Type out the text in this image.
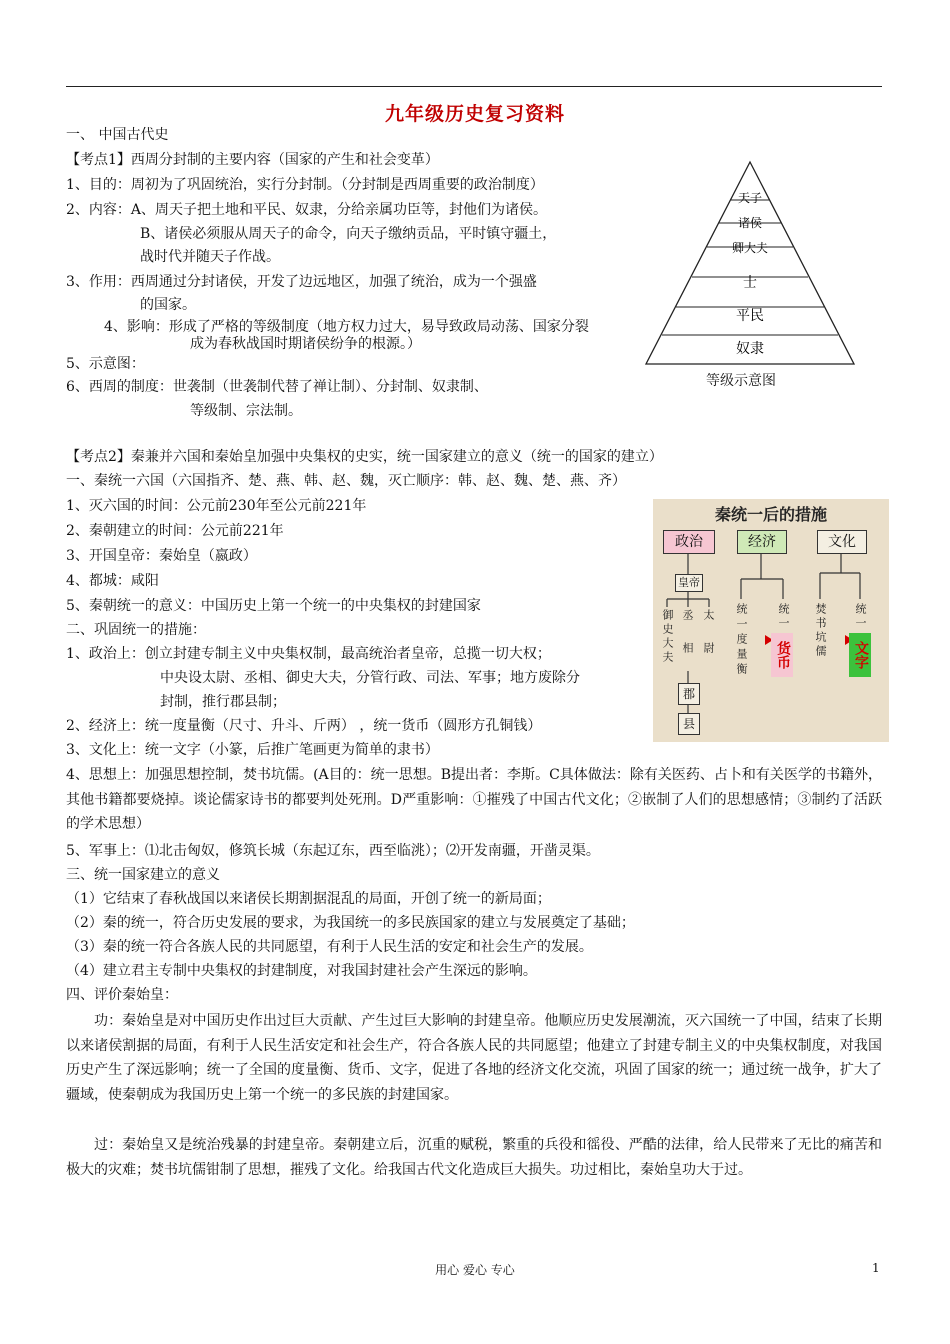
九年级历史复习资料
一、 中国古代史
【考点1】西周分封制的主要内容（国家的产生和社会变革）
1、目的：周初为了巩固统治，实行分封制。（分封制是西周重要的政治制度）
2、内容：A、周天子把土地和平民、奴隶，分给亲属功臣等，封他们为诸侯。
B、诸侯必须服从周天子的命令，向天子缴纳贡品，平时镇守疆土，
战时代并随天子作战。
3、作用：西周通过分封诸侯，开发了边远地区，加强了统治，成为一个强盛
的国家。
4、影响：形成了严格的等级制度（地方权力过大，易导致政局动荡、国家分裂
成为春秋战国时期诸侯纷争的根源。）
5、示意图：
6、西周的制度：世袭制（世袭制代替了禅让制）、分封制、奴隶制、
等级制、宗法制。
天子
诸侯
卿大夫
士
平民
奴隶
等级示意图
【考点2】秦兼并六国和秦始皇加强中央集权的史实，统一国家建立的意义（统一的国家的建立）
一、秦统一六国（六国指齐、楚、燕、韩、赵、魏，灭亡顺序：韩、赵、魏、楚、燕、齐）
1、灭六国的时间：公元前230年至公元前221年
2、秦朝建立的时间：公元前221年
3、开国皇帝：秦始皇（嬴政）
4、都城：咸阳
5、秦朝统一的意义：中国历史上第一个统一的中央集权的封建国家
二、巩固统一的措施：
1、政治上：创立封建专制主义中央集权制，最高统治者皇帝，总揽一切大权；
中央设太尉、丞相、御史大夫，分管行政、司法、军事；地方废除分
封制，推行郡县制；
2、经济上：统一度量衡（尺寸、升斗、斤两） ，统一货币（圆形方孔铜钱）
3、文化上：统一文字（小篆，后推广笔画更为简单的隶书）
4、思想上：加强思想控制，焚书坑儒。(A目的：统一思想。B提出者：李斯。C具体做法：除有关医药、占卜和有关医学的书籍外，其他书籍都要烧掉。谈论儒家诗书的都要判处死刑。D严重影响：①摧残了中国古代文化；②嵌制了人们的思想感情；③制约了活跃的学术思想）
5、军事上：⑴北击匈奴，修筑长城（东起辽东，西至临洮）；⑵开发南疆，开凿灵渠。
三、统一国家建立的意义
（1）它结束了春秋战国以来诸侯长期割据混乱的局面，开创了统一的新局面；
（2）秦的统一，符合历史发展的要求，为我国统一的多民族国家的建立与发展奠定了基础；
（3）秦的统一符合各族人民的共同愿望，有利于人民生活的安定和社会生产的发展。
（4）建立君主专制中央集权的封建制度，对我国封建社会产生深远的影响。
四、评价秦始皇：
功：秦始皇是对中国历史作出过巨大贡献、产生过巨大影响的封建皇帝。他顺应历史发展潮流，灭六国统一了中国，结束了长期以来诸侯割据的局面，有利于人民生活安定和社会生产，符合各族人民的共同愿望；他建立了封建专制主义的中央集权制度，对我国历史产生了深远影响；统一了全国的度量衡、货币、文字，促进了各地的经济文化交流，巩固了国家的统一；通过统一战争，扩大了疆域，使秦朝成为我国历史上第一个统一的多民族的封建国家。
过：秦始皇又是统治残暴的封建皇帝。秦朝建立后，沉重的赋税，繁重的兵役和徭役、严酷的法律，给人民带来了无比的痛苦和极大的灾难；焚书坑儒钳制了思想，摧残了文化。给我国古代文化造成巨大损失。功过相比，秦始皇功大于过。
秦统一后的措施
政治	经济	文化
皇帝
御史大夫 丞相 太尉
郡
县
统一度量衡	统一
货币 焚书坑儒 统一
文字
用心 爱心 专心	1
